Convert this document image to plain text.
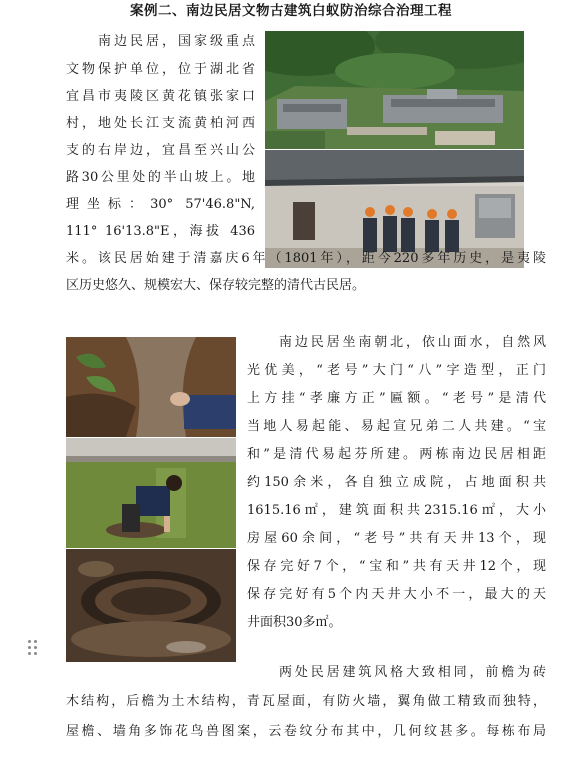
案例二、南边民居文物古建筑白蚁防治综合治理工程
南边民居，国家级重点
文物保护单位，位于湖北省
宜昌市夷陵区黄花镇张家口
村，地处长江支流黄柏河西
支的右岸边，宜昌至兴山公
路30公里处的半山坡上。地
理坐标：30° 57'46.8"N,
111° 16'13.8"E，海拔 436
米。该民居始建于清嘉庆6年（1801年），距今220多年历史，是夷陵
区历史悠久、规模宏大、保存较完整的清代古民居。
南边民居坐南朝北，依山面水，自然风
光优美，“老号”大门“八”字造型，正门
上方挂“孝廉方正”匾额。“老号”是清代
当地人易起能、易起宣兄弟二人共建。“宝
和”是清代易起芬所建。两栋南边民居相距
约150余米，各自独立成院，占地面积共
1615.16㎡，建筑面积共2315.16㎡，大小
房屋60余间，“老号”共有天井13个，现
保存完好7个，“宝和”共有天井12个，现
保存完好有5个内天井大小不一，最大的天
井面积30多㎡。
两处民居建筑风格大致相同，前檐为砖
木结构，后檐为土木结构，青瓦屋面，有防火墙，翼角做工精致而独特，
屋檐、墙角多饰花鸟兽图案，云卷纹分布其中，几何纹甚多。每栋布局
